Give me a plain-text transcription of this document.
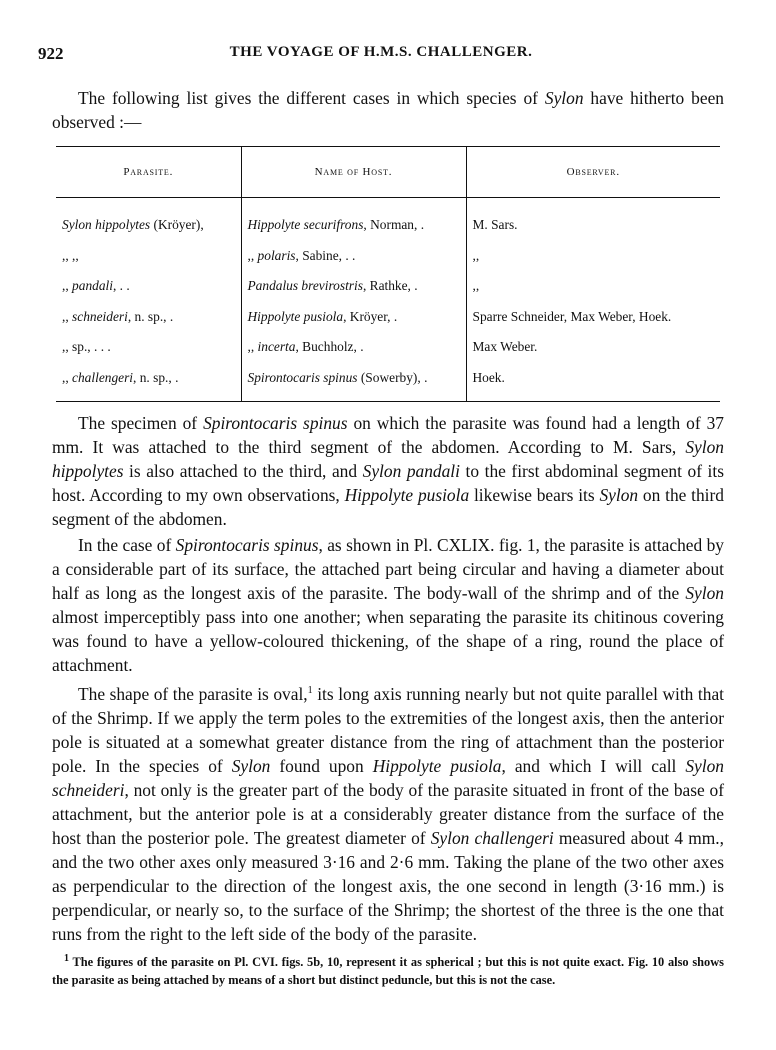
922	THE VOYAGE OF H.M.S. CHALLENGER.

The following list gives the different cases in which species of Sylon have hitherto been observed :—

Parasite.	Name of Host.	Observer.
Sylon hippolytes (Kröyer),	Hippolyte securifrons, Norman, .	M. Sars.
,, ,,	,, polaris, Sabine, . .	,,
,, pandali, . .	Pandalus brevirostris, Rathke, .	,,
,, schneideri, n. sp., .	Hippolyte pusiola, Kröyer, .	Sparre Schneider, Max Weber, Hoek.
,, sp., . . .	,, incerta, Buchholz, .	Max Weber.
,, challengeri, n. sp., .	Spirontocaris spinus (Sowerby), .	Hoek.

The specimen of Spirontocaris spinus on which the parasite was found had a length of 37 mm. It was attached to the third segment of the abdomen. According to M. Sars, Sylon hippolytes is also attached to the third, and Sylon pandali to the first abdominal segment of its host. According to my own observations, Hippolyte pusiola likewise bears its Sylon on the third segment of the abdomen.

In the case of Spirontocaris spinus, as shown in Pl. CXLIX. fig. 1, the parasite is attached by a considerable part of its surface, the attached part being circular and having a diameter about half as long as the longest axis of the parasite. The body-wall of the shrimp and of the Sylon almost imperceptibly pass into one another; when separating the parasite its chitinous covering was found to have a yellow-coloured thickening, of the shape of a ring, round the place of attachment.

The shape of the parasite is oval,$^1$ its long axis running nearly but not quite parallel with that of the Shrimp. If we apply the term poles to the extremities of the longest axis, then the anterior pole is situated at a somewhat greater distance from the ring of attachment than the posterior pole. In the species of Sylon found upon Hippolyte pusiola, and which I will call Sylon schneideri, not only is the greater part of the body of the parasite situated in front of the base of attachment, but the anterior pole is at a considerably greater distance from the surface of the host than the posterior pole. The greatest diameter of Sylon challengeri measured about 4 mm., and the two other axes only measured 3·16 and 2·6 mm. Taking the plane of the two other axes as perpendicular to the direction of the longest axis, the one second in length (3·16 mm.) is perpendicular, or nearly so, to the surface of the Shrimp; the shortest of the three is the one that runs from the right to the left side of the body of the parasite.

$^1$ The figures of the parasite on Pl. CVI. figs. 5b, 10, represent it as spherical ; but this is not quite exact. Fig. 10 also shows the parasite as being attached by means of a short but distinct peduncle, but this is not the case.
